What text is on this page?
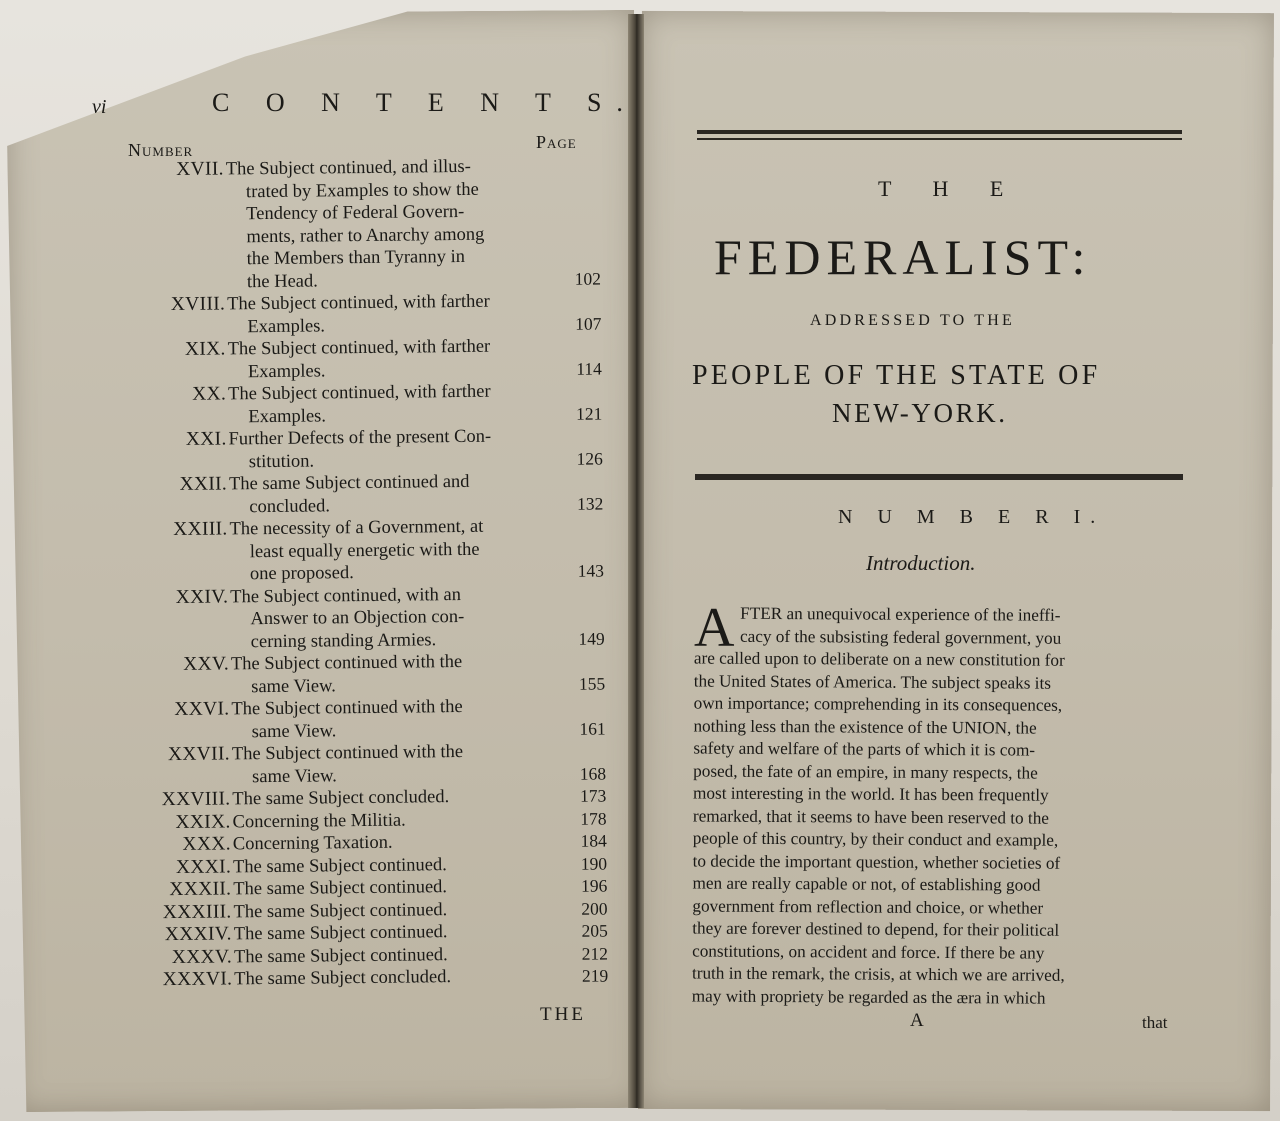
vi	C O N T E N T S.
Number	Page
XVII. The Subject continued, and illus-
trated by Examples to show the
Tendency of Federal Govern-
ments, rather to Anarchy among
the Members than Tyranny in
the Head.	102
XVIII. The Subject continued, with farther
Examples.	107
XIX. The Subject continued, with farther
Examples.	114
XX. The Subject continued, with farther
Examples.	121
XXI. Further Defects of the present Con-
stitution.	126
XXII. The same Subject continued and
concluded.	132
XXIII. The necessity of a Government, at
least equally energetic with the
one proposed.	143
XXIV. The Subject continued, with an
Answer to an Objection con-
cerning standing Armies.	149
XXV. The Subject continued with the
same View.	155
XXVI. The Subject continued with the
same View.	161
XXVII. The Subject continued with the
same View.	168
XXVIII. The same Subject concluded.	173
XXIX. Concerning the Militia.	178
XXX. Concerning Taxation.	184
XXXI. The same Subject continued.	190
XXXII. The same Subject continued.	196
XXXIII. The same Subject continued.	200
XXXIV. The same Subject continued.	205
XXXV. The same Subject continued.	212
XXXVI. The same Subject concluded.	219
THE
T H E
FEDERALIST:
ADDRESSED TO THE
PEOPLE OF THE STATE OF
NEW-YORK.
N U M B E R I.
Introduction.
A FTER an unequivocal experience of the ineffi-
cacy of the subsisting federal government, you
are called upon to deliberate on a new constitution for
the United States of America. The subject speaks its
own importance; comprehending in its consequences,
nothing less than the existence of the UNION, the
safety and welfare of the parts of which it is com-
posed, the fate of an empire, in many respects, the
most interesting in the world. It has been frequently
remarked, that it seems to have been reserved to the
people of this country, by their conduct and example,
to decide the important question, whether societies of
men are really capable or not, of establishing good
government from reflection and choice, or whether
they are forever destined to depend, for their political
constitutions, on accident and force. If there be any
truth in the remark, the crisis, at which we are arrived,
may with propriety be regarded as the æra in which
A	that
